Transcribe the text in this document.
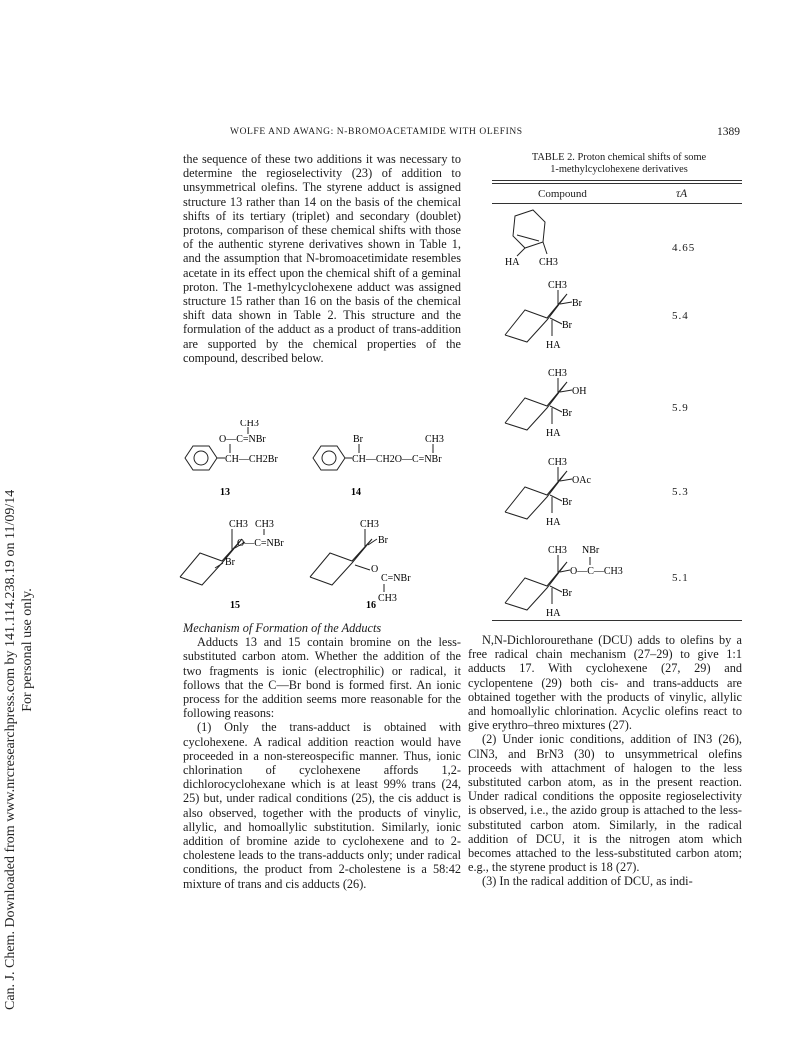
Can. J. Chem. Downloaded from www.nrcresearchpress.com by 141.114.238.19 on 11/09/14 For personal use only.
WOLFE AND AWANG: N-BROMOACETAMIDE WITH OLEFINS	1389

the sequence of these two additions it was necessary to determine the regioselectivity (23) of addition to unsymmetrical olefins. The styrene adduct is assigned structure 13 rather than 14 on the basis of the chemical shifts of its tertiary (triplet) and secondary (doublet) protons, comparison of these chemical shifts with those of the authentic styrene derivatives shown in Table 1, and the assumption that N-bromoacetimidate resembles acetate in its effect upon the chemical shift of a geminal proton. The 1-methylcyclohexene adduct was assigned structure 15 rather than 16 on the basis of the chemical shift data shown in Table 2. This structure and the formulation of the adduct as a product of trans-addition are supported by the chemical properties of the compound, described below.

CH—CH2Br
O—C=NBr
CH3
13
CH—CH2O—C=NBr
Br	CH3
14
CH3 CH3
O—C=NBr
Br
15
CH3
Br
O
C=NBr
CH3
16

Mechanism of Formation of the Adducts

Adducts 13 and 15 contain bromine on the less-substituted carbon atom. Whether the addition of the two fragments is ionic (electrophilic) or radical, it follows that the C—Br bond is formed first. An ionic process for the addition seems more reasonable for the following reasons:

(1) Only the trans-adduct is obtained with cyclohexene. A radical addition reaction would have proceeded in a non-stereospecific manner. Thus, ionic chlorination of cyclohexene affords 1,2-dichlorocyclohexane which is at least 99% trans (24, 25) but, under radical conditions (25), the cis adduct is also observed, together with the products of vinylic, allylic, and homoallylic substitution. Similarly, ionic addition of bromine azide to cyclohexene and to 2-cholestene leads to the trans-adducts only; under radical conditions, the product from 2-cholestene is a 58:42 mixture of trans and cis adducts (26).

TABLE 2. Proton chemical shifts of some
1-methylcyclohexene derivatives
Compound	τA
HA CH3
4.65
CH3
Br
Br
HA
5.4
CH3
OH
Br
HA
5.9
CH3
OAc
Br
HA
5.3
CH3 NBr
O—C—CH3
Br
HA
5.1

N,N-Dichlorourethane (DCU) adds to olefins by a free radical chain mechanism (27–29) to give 1:1 adducts 17. With cyclohexene (27, 29) and cyclopentene (29) both cis- and trans-adducts are obtained together with the products of vinylic, allylic and homoallylic chlorination. Acyclic olefins react to give erythro–threo mixtures (27).

(2) Under ionic conditions, addition of IN3 (26), ClN3, and BrN3 (30) to unsymmetrical olefins proceeds with attachment of halogen to the less substituted carbon atom, as in the present reaction. Under radical conditions the opposite regioselectivity is observed, i.e., the azido group is attached to the less-substituted carbon atom. Similarly, in the radical addition of DCU, it is the nitrogen atom which becomes attached to the less-substituted carbon atom; e.g., the styrene product is 18 (27).

(3) In the radical addition of DCU, as indi-
